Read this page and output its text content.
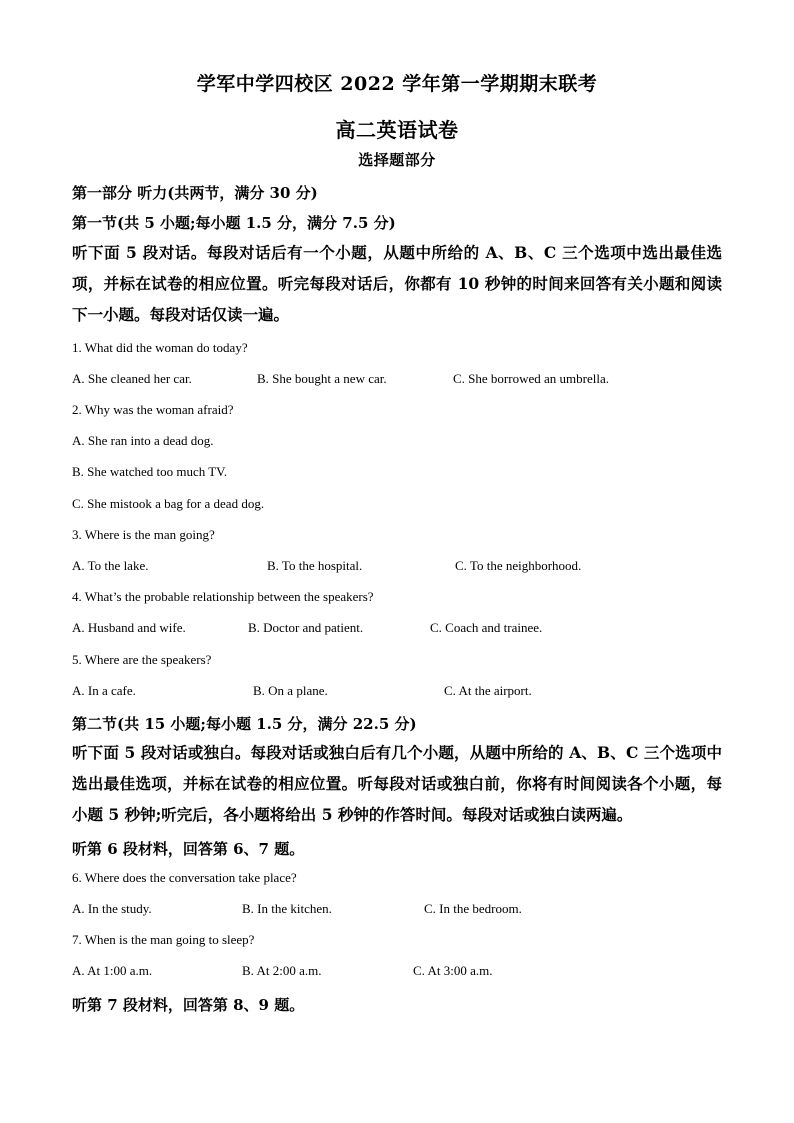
学军中学四校区 2022 学年第一学期期末联考
高二英语试卷
选择题部分
第一部分 听力(共两节，满分 30 分)
第一节(共 5 小题;每小题 1.5 分，满分 7.5 分)
听下面 5 段对话。每段对话后有一个小题，从题中所给的 A、B、C 三个选项中选出最佳选项，并标在试卷的相应位置。听完每段对话后，你都有 10 秒钟的时间来回答有关小题和阅读下一小题。每段对话仅读一遍。
1. What did the woman do today?
A. She cleaned her car.	B. She bought a new car.	C. She borrowed an umbrella.
2. Why was the woman afraid?
A. She ran into a dead dog.
B. She watched too much TV.
C. She mistook a bag for a dead dog.
3. Where is the man going?
A. To the lake.	B. To the hospital.	C. To the neighborhood.
4. What’s the probable relationship between the speakers?
A. Husband and wife.	B. Doctor and patient.	C. Coach and trainee.
5. Where are the speakers?
A. In a cafe.	B. On a plane.	C. At the airport.
第二节(共 15 小题;每小题 1.5 分，满分 22.5 分)
听下面 5 段对话或独白。每段对话或独白后有几个小题，从题中所给的 A、B、C 三个选项中选出最佳选项，并标在试卷的相应位置。听每段对话或独白前，你将有时间阅读各个小题，每小题 5 秒钟;听完后，各小题将给出 5 秒钟的作答时间。每段对话或独白读两遍。
听第 6 段材料，回答第 6、7 题。
6. Where does the conversation take place?
A. In the study.	B. In the kitchen.	C. In the bedroom.
7. When is the man going to sleep?
A. At 1:00 a.m.	B. At 2:00 a.m.	C. At 3:00 a.m.
听第 7 段材料，回答第 8、9 题。
